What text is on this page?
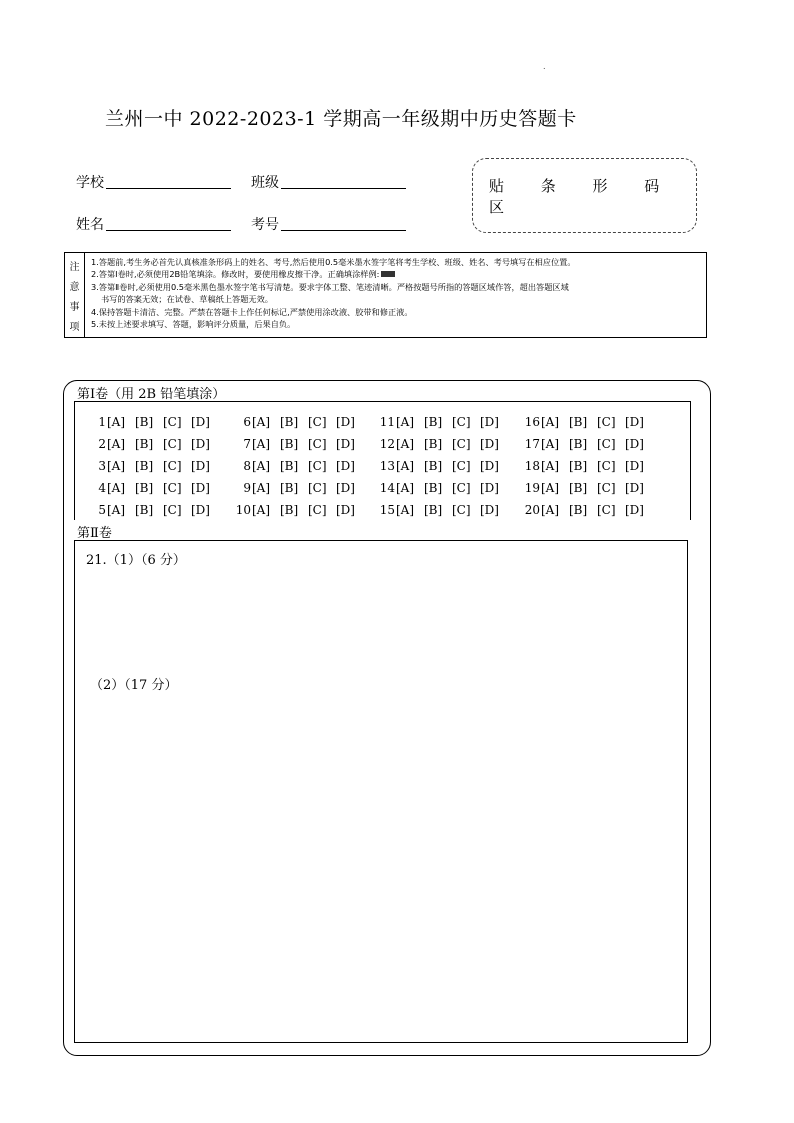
.
兰州一中 2022-2023-1 学期高一年级期中历史答题卡
学校	班级
姓名	考号
贴 条 形 码 区
注
意
事
项
1.答题前,考生务必首先认真核准条形码上的姓名、考号,然后使用0.5毫米墨水签字笔将考生学校、班级、姓名、考号填写在相应位置。
2.答第Ⅰ卷时,必须使用2B铅笔填涂。修改时，要使用橡皮擦干净。正确填涂样例:
3.答第Ⅱ卷时,必须使用0.5毫米黑色墨水签字笔书写清楚。要求字体工整、笔迹清晰。严格按题号所指的答题区域作答，超出答题区域
书写的答案无效；在试卷、草稿纸上答题无效。
4.保持答题卡清洁、完整。严禁在答题卡上作任何标记,严禁使用涂改液、胶带和修正液。
5.未按上述要求填写、答题，影响评分质量，后果自负。
第Ⅰ卷（用 2B 铅笔填涂）
1[A] [B] [C] [D]
2[A] [B] [C] [D]
3[A] [B] [C] [D]
4[A] [B] [C] [D]
5[A] [B] [C] [D]
6[A] [B] [C] [D]
7[A] [B] [C] [D]
8[A] [B] [C] [D]
9[A] [B] [C] [D]
10[A] [B] [C] [D]
11[A] [B] [C] [D]
12[A] [B] [C] [D]
13[A] [B] [C] [D]
14[A] [B] [C] [D]
15[A] [B] [C] [D]
16[A] [B] [C] [D]
17[A] [B] [C] [D]
18[A] [B] [C] [D]
19[A] [B] [C] [D]
20[A] [B] [C] [D]
第Ⅱ卷
21.（1）（6 分）
（2）（17 分）
